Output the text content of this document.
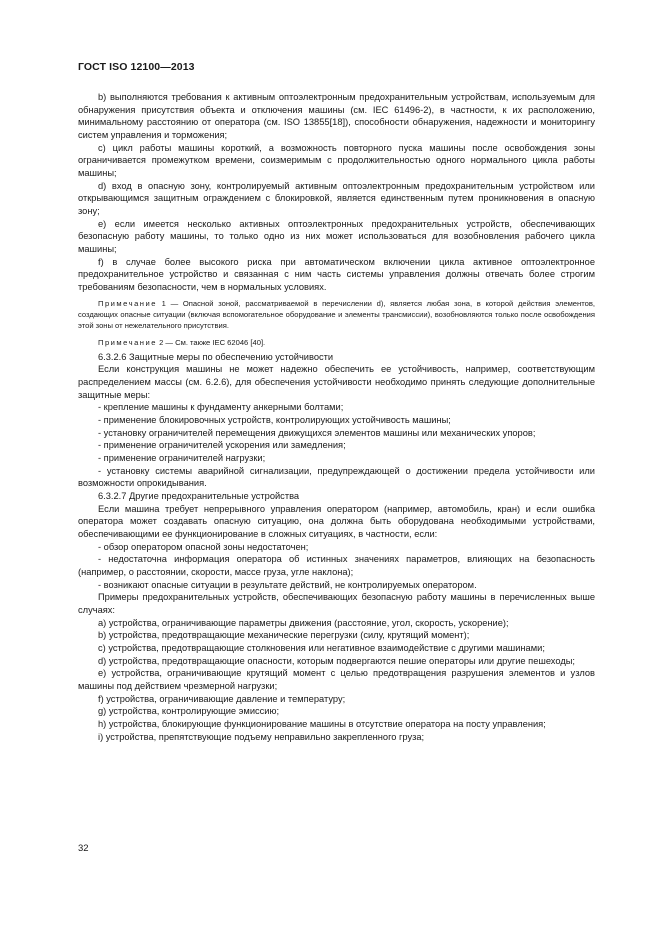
ГОСТ ISO 12100—2013

b) выполняются требования к активным оптоэлектронным предохранительным устройствам, используемым для обнаружения присутствия объекта и отключения машины (см. IEC 61496-2), в частности, к их расположению, минимальному расстоянию от оператора (см. ISO 13855[18]), способности обнаружения, надежности и мониторингу систем управления и торможения;

c) цикл работы машины короткий, а возможность повторного пуска машины после освобождения зоны ограничивается промежутком времени, соизмеримым с продолжительностью одного нормального цикла работы машины;

d) вход в опасную зону, контролируемый активным оптоэлектронным предохранительным устройством или открывающимся защитным ограждением с блокировкой, является единственным путем проникновения в опасную зону;

e) если имеется несколько активных оптоэлектронных предохранительных устройств, обеспечивающих безопасную работу машины, то только одно из них может использоваться для возобновления рабочего цикла машины;

f) в случае более высокого риска при автоматическом включении цикла активное оптоэлектронное предохранительное устройство и связанная с ним часть системы управления должны отвечать более строгим требованиям безопасности, чем в нормальных условиях.

Примечание 1 — Опасной зоной, рассматриваемой в перечислении d), является любая зона, в которой действия элементов, создающих опасные ситуации (включая вспомогательное оборудование и элементы трансмиссии), возобновляются только после освобождения этой зоны от нежелательного присутствия.

Примечание 2 — См. также IEC 62046 [40].

6.3.2.6 Защитные меры по обеспечению устойчивости

Если конструкция машины не может надежно обеспечить ее устойчивость, например, соответствующим распределением массы (см. 6.2.6), для обеспечения устойчивости необходимо принять следующие дополнительные защитные меры:

- крепление машины к фундаменту анкерными болтами;

- применение блокировочных устройств, контролирующих устойчивость машины;

- установку ограничителей перемещения движущихся элементов машины или механических упоров;

- применение ограничителей ускорения или замедления;

- применение ограничителей нагрузки;

- установку системы аварийной сигнализации, предупреждающей о достижении предела устойчивости или возможности опрокидывания.

6.3.2.7 Другие предохранительные устройства

Если машина требует непрерывного управления оператором (например, автомобиль, кран) и если ошибка оператора может создавать опасную ситуацию, она должна быть оборудована необходимыми устройствами, обеспечивающими ее функционирование в сложных ситуациях, в частности, если:

- обзор оператором опасной зоны недостаточен;

- недостаточна информация оператора об истинных значениях параметров, влияющих на безопасность (например, о расстоянии, скорости, массе груза, угле наклона);

- возникают опасные ситуации в результате действий, не контролируемых оператором.

Примеры предохранительных устройств, обеспечивающих безопасную работу машины в перечисленных выше случаях:

a) устройства, ограничивающие параметры движения (расстояние, угол, скорость, ускорение);

b) устройства, предотвращающие механические перегрузки (силу, крутящий момент);

c) устройства, предотвращающие столкновения или негативное взаимодействие с другими машинами;

d) устройства, предотвращающие опасности, которым подвергаются пешие операторы или другие пешеходы;

e) устройства, ограничивающие крутящий момент с целью предотвращения разрушения элементов и узлов машины под действием чрезмерной нагрузки;

f) устройства, ограничивающие давление и температуру;

g) устройства, контролирующие эмиссию;

h) устройства, блокирующие функционирование машины в отсутствие оператора на посту управления;

i) устройства, препятствующие подъему неправильно закрепленного груза;

32
